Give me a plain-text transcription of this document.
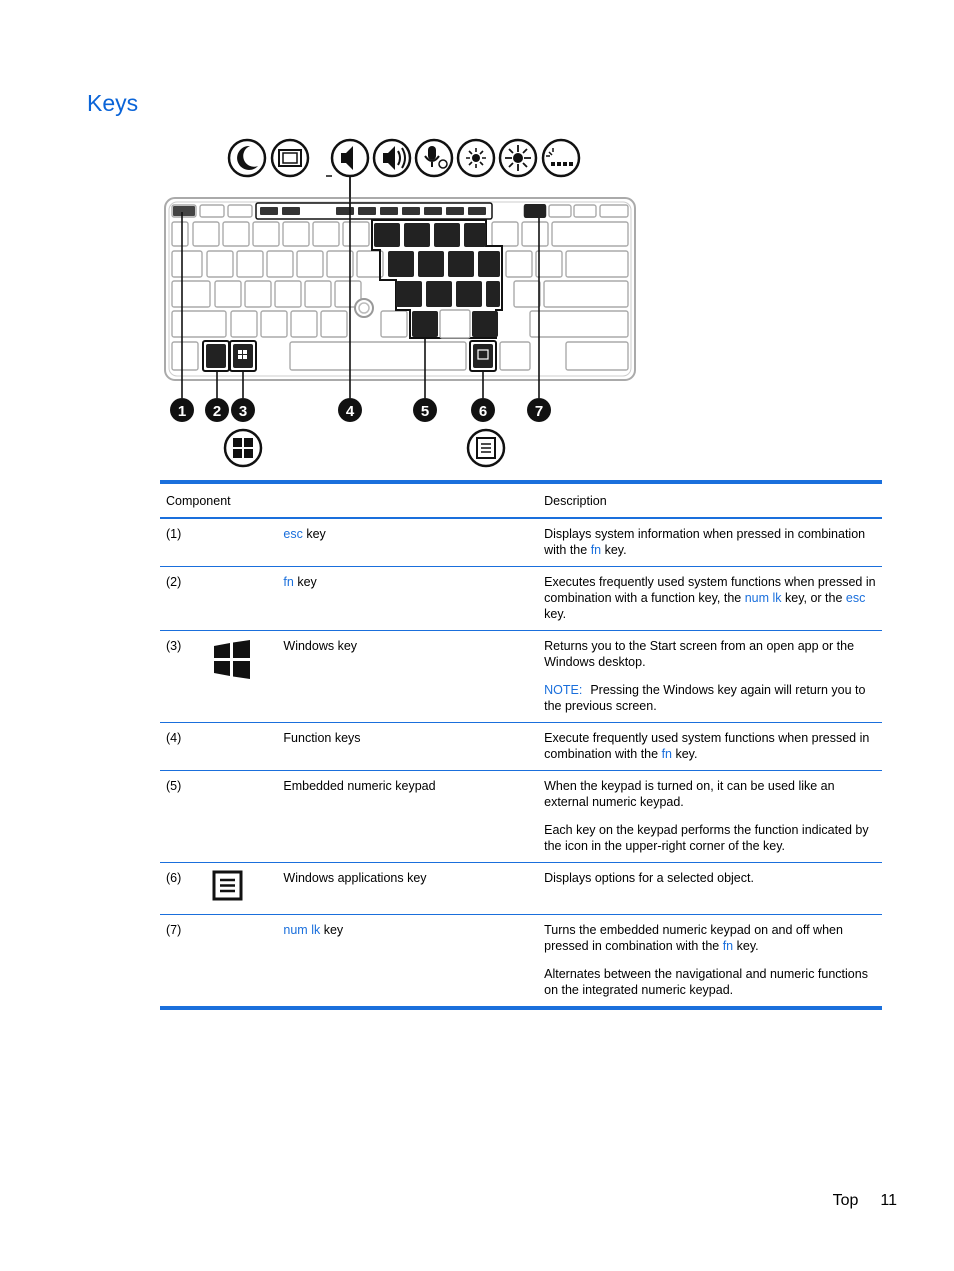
Keys
1 2 3	4	5	6	7
Component			Description
(1)		esc key	Displays system information when pressed in combination with the fn key.

(2)		fn key	Executes frequently used system functions when pressed in combination with a function key, the num lk key, or the esc key.

(3)		Windows key	Returns you to the Start screen from an open app or the Windows desktop.

NOTE: Pressing the Windows key again will return you to the previous screen.

(4)		Function keys	Execute frequently used system functions when pressed in combination with the fn key.

(5)		Embedded numeric keypad	When the keypad is turned on, it can be used like an external numeric keypad.

Each key on the keypad performs the function indicated by the icon in the upper-right corner of the key.

(6)		Windows applications key	Displays options for a selected object.

(7)		num lk key	Turns the embedded numeric keypad on and off when pressed in combination with the fn key.

Alternates between the navigational and numeric functions on the integrated numeric keypad.

Top 11
